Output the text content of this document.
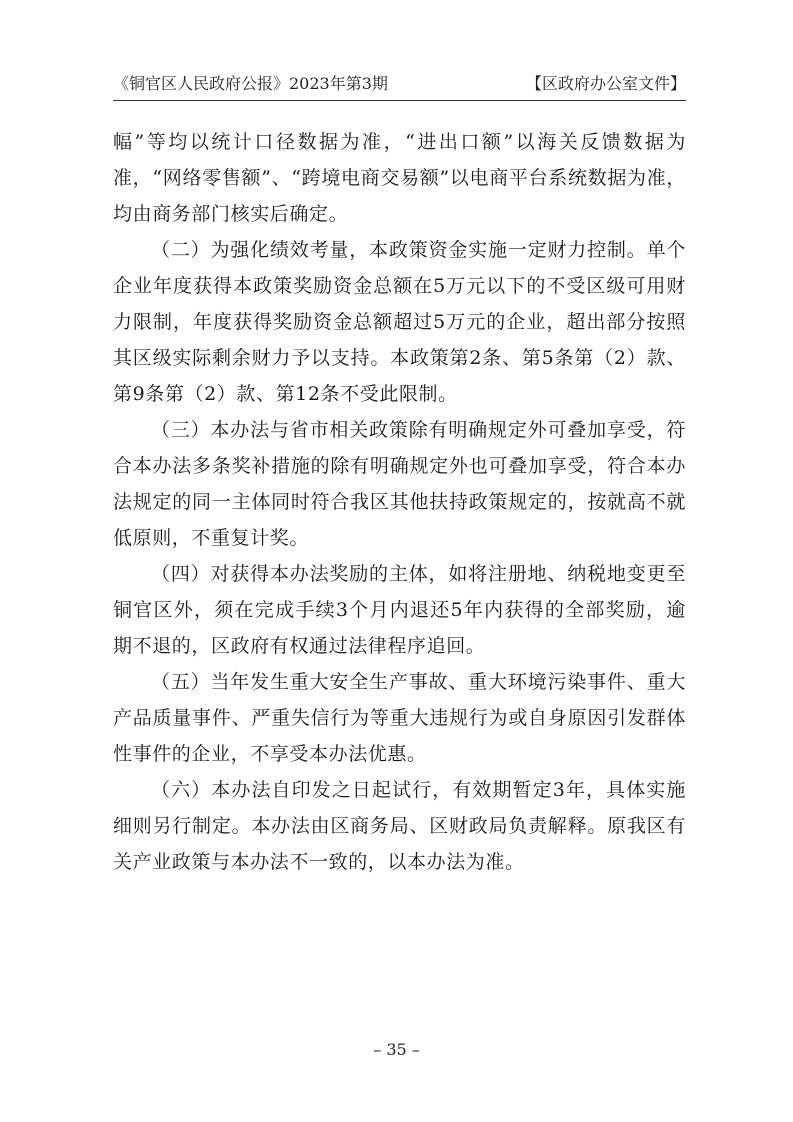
《铜官区人民政府公报》2023年第3期	【区政府办公室文件】

幅”等均以统计口径数据为准，“进出口额”以海关反馈数据为准，“网络零售额”、“跨境电商交易额”以电商平台系统数据为准，均由商务部门核实后确定。

（二）为强化绩效考量，本政策资金实施一定财力控制。单个企业年度获得本政策奖励资金总额在5万元以下的不受区级可用财力限制，年度获得奖励资金总额超过5万元的企业，超出部分按照其区级实际剩余财力予以支持。本政策第2条、第5条第（2）款、第9条第（2）款、第12条不受此限制。

（三）本办法与省市相关政策除有明确规定外可叠加享受，符合本办法多条奖补措施的除有明确规定外也可叠加享受，符合本办法规定的同一主体同时符合我区其他扶持政策规定的，按就高不就低原则，不重复计奖。

（四）对获得本办法奖励的主体，如将注册地、纳税地变更至铜官区外，须在完成手续3个月内退还5年内获得的全部奖励，逾期不退的，区政府有权通过法律程序追回。

（五）当年发生重大安全生产事故、重大环境污染事件、重大产品质量事件、严重失信行为等重大违规行为或自身原因引发群体性事件的企业，不享受本办法优惠。

（六）本办法自印发之日起试行，有效期暂定3年，具体实施细则另行制定。本办法由区商务局、区财政局负责解释。原我区有关产业政策与本办法不一致的，以本办法为准。

– 35 –
